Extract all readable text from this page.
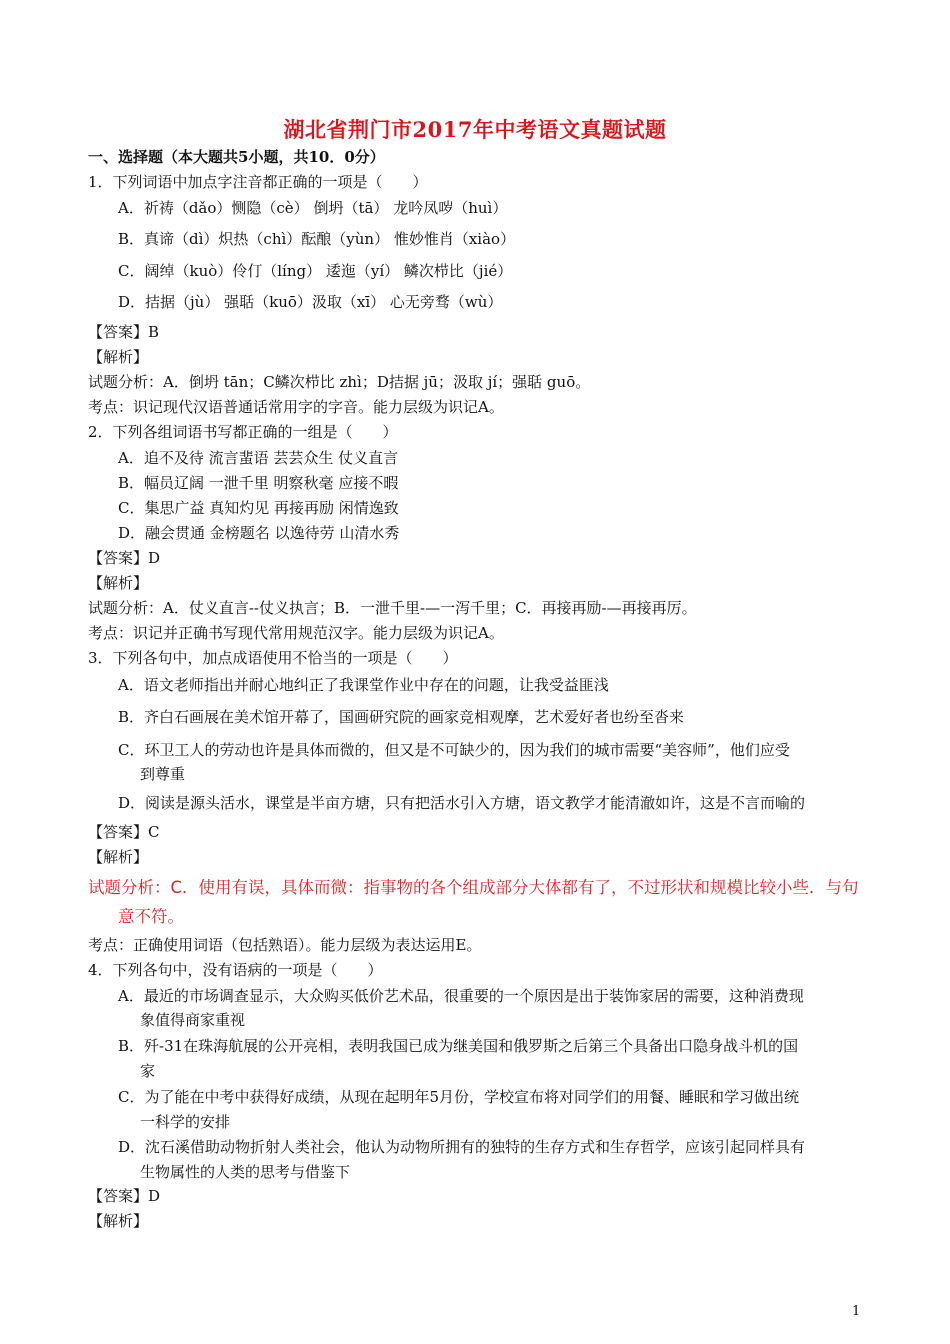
湖北省荆门市2017年中考语文真题试题
一、选择题（本大题共5小题，共10．0分）
1．下列词语中加点字注音都正确的一项是（　　）
A．祈祷（dǎo）恻隐（cè） 倒坍（tā） 龙吟凤哕（huì）
B．真谛（dì）炽热（chì）酝酿（yùn） 惟妙惟肖（xiào）
C．阔绰（kuò）伶仃（líng） 逶迤（yí） 鳞次栉比（jié）
D．拮据（jù） 强聒（kuō）汲取（xī） 心无旁骛（wù）
【答案】B
【解析】
试题分析：A．倒坍 tān；C鳞次栉比 zhì；D拮据 jū；汲取 jí；强聒 guō。
考点：识记现代汉语普通话常用字的字音。能力层级为识记A。
2．下列各组词语书写都正确的一组是（　　）
A．追不及待 流言蜚语 芸芸众生 仗义直言
B．幅员辽阔 一泄千里 明察秋毫 应接不暇
C．集思广益 真知灼见 再接再励 闲情逸致
D．融会贯通 金榜题名 以逸待劳 山清水秀
【答案】D
【解析】
试题分析：A．仗义直言--仗义执言；B．一泄千里-—一泻千里；C．再接再励-—再接再厉。
考点：识记并正确书写现代常用规范汉字。能力层级为识记A。
3．下列各句中，加点成语使用不恰当的一项是（　　）
A．语文老师指出并耐心地纠正了我课堂作业中存在的问题，让我受益匪浅
B．齐白石画展在美术馆开幕了，国画研究院的画家竞相观摩，艺术爱好者也纷至沓来
C．环卫工人的劳动也许是具体而微的，但又是不可缺少的，因为我们的城市需要“美容师”，他们应受
到尊重
D．阅读是源头活水，课堂是半亩方塘，只有把活水引入方塘，语文教学才能清澈如许，这是不言而喻的
【答案】C
【解析】
试题分析：C．使用有误，具体而微：指事物的各个组成部分大体都有了，不过形状和规模比较小些．与句
意不符。
考点：正确使用词语（包括熟语）。能力层级为表达运用E。
4．下列各句中，没有语病的一项是（　　）
A．最近的市场调查显示，大众购买低价艺术品，很重要的一个原因是出于装饰家居的需要，这种消费现
象值得商家重视
B．歼-31在珠海航展的公开亮相，表明我国已成为继美国和俄罗斯之后第三个具备出口隐身战斗机的国
家
C．为了能在中考中获得好成绩，从现在起明年5月份，学校宣布将对同学们的用餐、睡眠和学习做出统
一科学的安排
D．沈石溪借助动物折射人类社会，他认为动物所拥有的独特的生存方式和生存哲学，应该引起同样具有
生物属性的人类的思考与借鉴下
【答案】D
【解析】
1
